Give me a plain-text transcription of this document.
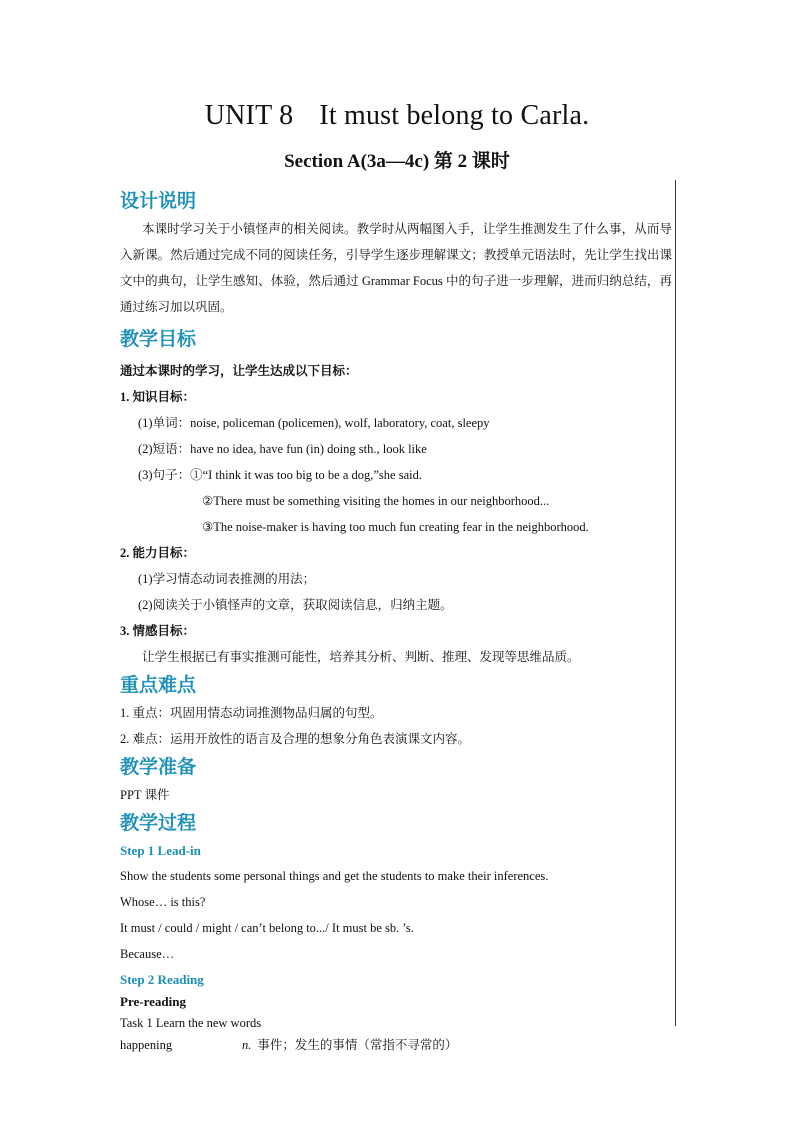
UNIT 8 It must belong to Carla.
Section A(3a—4c) 第 2 课时

设计说明

本课时学习关于小镇怪声的相关阅读。教学时从两幅图入手，让学生推测发生了什么事，从而导入新课。然后通过完成不同的阅读任务，引导学生逐步理解课文；教授单元语法时，先让学生找出课文中的典句，让学生感知、体验，然后通过 Grammar Focus 中的句子进一步理解，进而归纳总结，再通过练习加以巩固。

教学目标

通过本课时的学习，让学生达成以下目标：

1. 知识目标：

(1)单词：noise, policeman (policemen), wolf, laboratory, coat, sleepy

(2)短语：have no idea, have fun (in) doing sth., look like

(3)句子：①“I think it was too big to be a dog,”she said.

②There must be something visiting the homes in our neighborhood...

③The noise-maker is having too much fun creating fear in the neighborhood.

2. 能力目标：

(1)学习情态动词表推测的用法；

(2)阅读关于小镇怪声的文章，获取阅读信息，归纳主题。

3. 情感目标：

让学生根据已有事实推测可能性，培养其分析、判断、推理、发现等思维品质。

重点难点

1. 重点：巩固用情态动词推测物品归属的句型。

2. 难点：运用开放性的语言及合理的想象分角色表演课文内容。

教学准备

PPT 课件

教学过程

Step 1 Lead-in

Show the students some personal things and get the students to make their inferences.

Whose… is this?

It must / could / might / can’t belong to.../ It must be sb. ’s.

Because…

Step 2 Reading

Pre-reading

Task 1 Learn the new words

happening	n. 事件；发生的事情（常指不寻常的）
